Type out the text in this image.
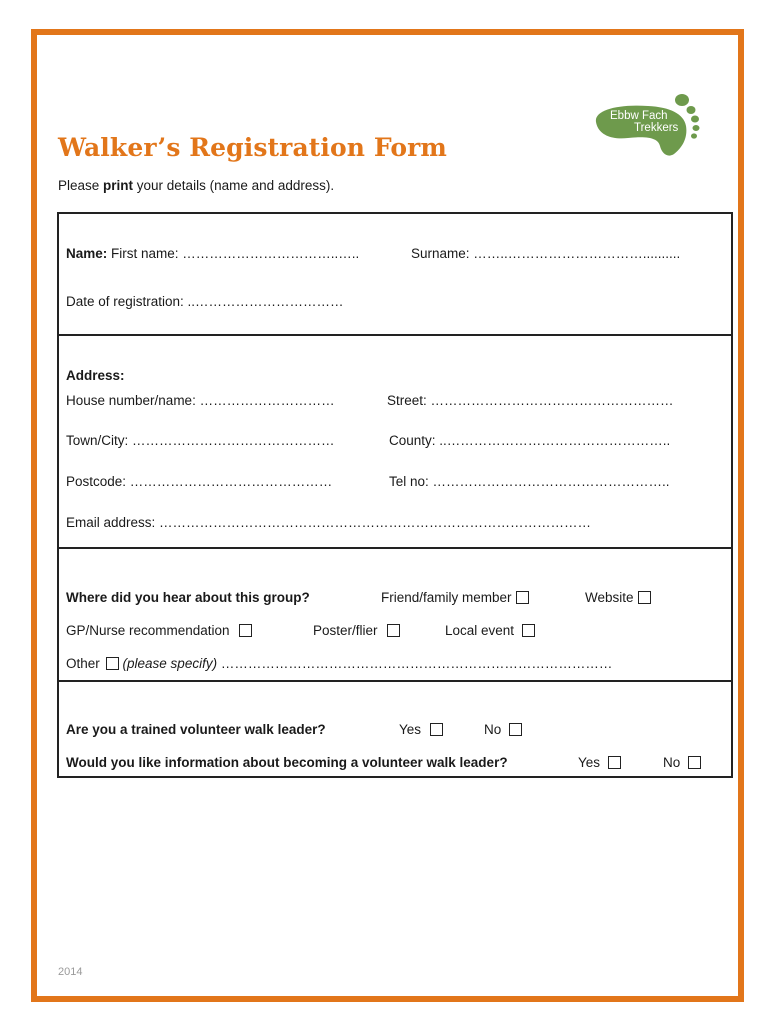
Walker’s Registration Form
Please print your details (name and address).
Ebbw Fach
Trekkers
Name: First name: ……………………………..…..	Surname: ……..…………………………..........
Date of registration: ..……………………………
Address:
House number/name: …………………………	Street: ………………………………………………
Town/City: ………………………………………	County: ..…………………………………………..
Postcode: ………………………………………	Tel no: ……………………………………………..
Email address: ……………………………………………………………………………………
Where did you hear about this group?	Friend/family member	Website
GP/Nurse recommendation	Poster/flier	Local event
Other (please specify) ……………………………………………………………………………
Are you a trained volunteer walk leader?	Yes	No
Would you like information about becoming a volunteer walk leader?	Yes	No
2014
